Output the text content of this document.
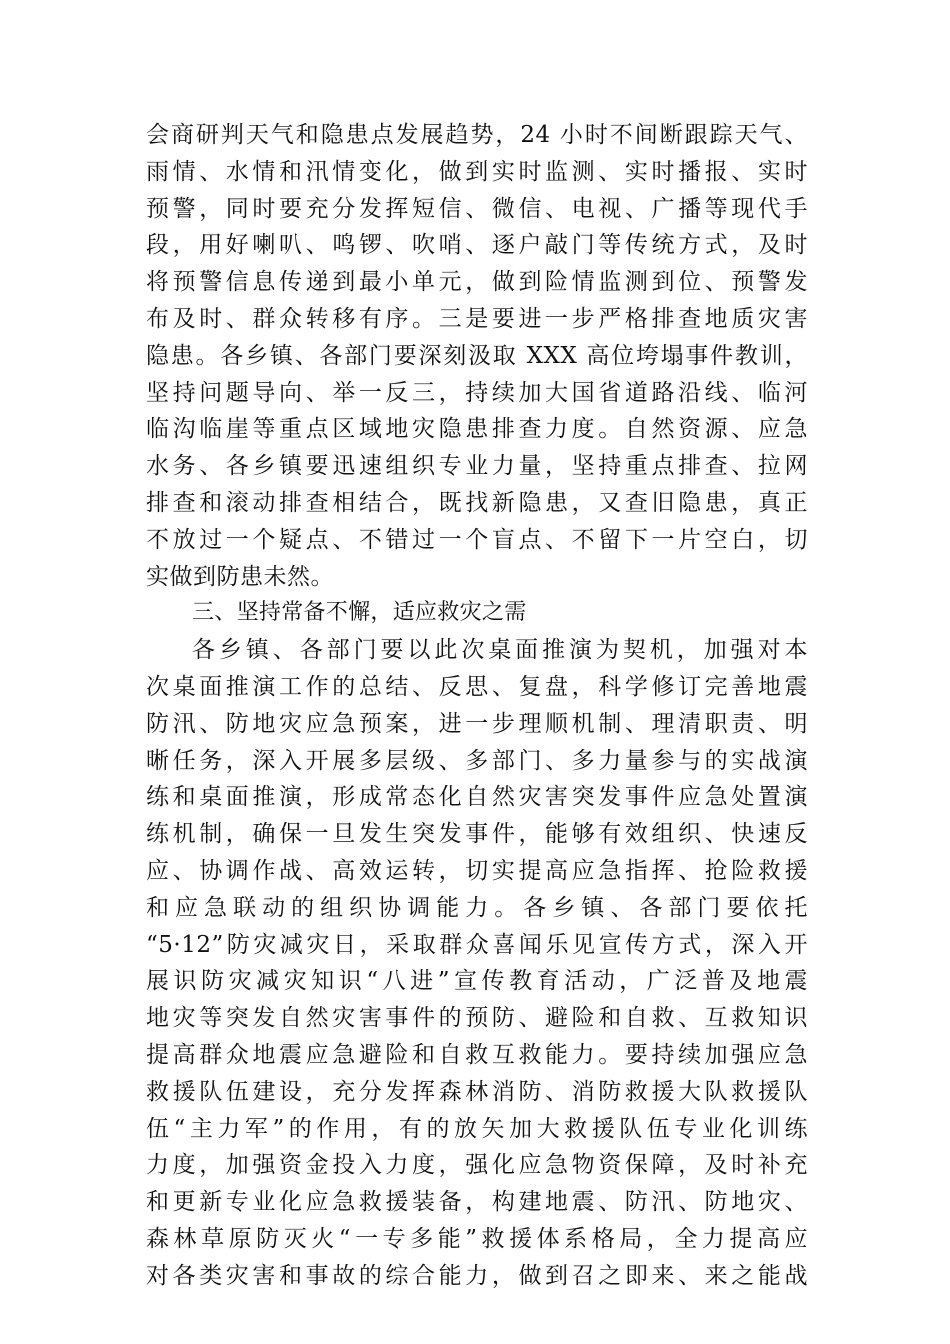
会商研判天气和隐患点发展趋势，24 小时不间断跟踪天气、
雨情、水情和汛情变化，做到实时监测、实时播报、实时
预警，同时要充分发挥短信、微信、电视、广播等现代手
段，用好喇叭、鸣锣、吹哨、逐户敲门等传统方式，及时
将预警信息传递到最小单元，做到险情监测到位、预警发
布及时、群众转移有序。三是要进一步严格排查地质灾害
隐患。各乡镇、各部门要深刻汲取 XXX 高位垮塌事件教训，
坚持问题导向、举一反三，持续加大国省道路沿线、临河
临沟临崖等重点区域地灾隐患排查力度。自然资源、应急
水务、各乡镇要迅速组织专业力量，坚持重点排查、拉网
排查和滚动排查相结合，既找新隐患，又查旧隐患，真正
不放过一个疑点、不错过一个盲点、不留下一片空白，切
实做到防患未然。
三、坚持常备不懈，适应救灾之需
各乡镇、各部门要以此次桌面推演为契机，加强对本
次桌面推演工作的总结、反思、复盘，科学修订完善地震
防汛、防地灾应急预案，进一步理顺机制、理清职责、明
晰任务，深入开展多层级、多部门、多力量参与的实战演
练和桌面推演，形成常态化自然灾害突发事件应急处置演
练机制，确保一旦发生突发事件，能够有效组织、快速反
应、协调作战、高效运转，切实提高应急指挥、抢险救援
和应急联动的组织协调能力。各乡镇、各部门要依托
“5·12”防灾减灾日，采取群众喜闻乐见宣传方式，深入开
展识防灾减灾知识“八进”宣传教育活动，广泛普及地震
地灾等突发自然灾害事件的预防、避险和自救、互救知识
提高群众地震应急避险和自救互救能力。要持续加强应急
救援队伍建设，充分发挥森林消防、消防救援大队救援队
伍“主力军”的作用，有的放矢加大救援队伍专业化训练
力度，加强资金投入力度，强化应急物资保障，及时补充
和更新专业化应急救援装备，构建地震、防汛、防地灾、
森林草原防灭火“一专多能”救援体系格局，全力提高应
对各类灾害和事故的综合能力，做到召之即来、来之能战
